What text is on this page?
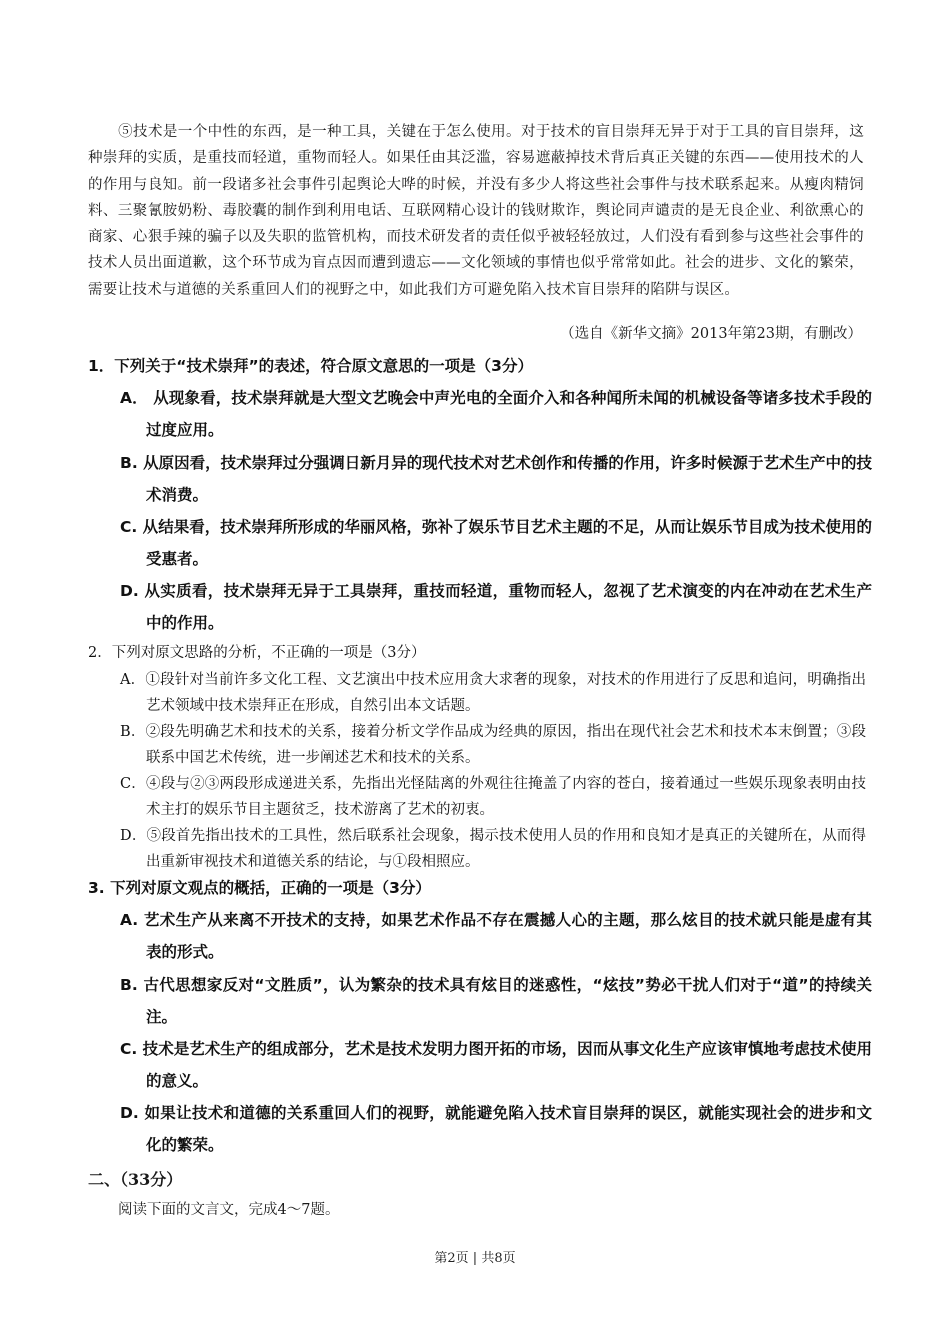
⑤技术是一个中性的东西，是一种工具，关键在于怎么使用。对于技术的盲目崇拜无异于对于工具的盲目崇拜，这种崇拜的实质，是重技而轻道，重物而轻人。如果任由其泛滥，容易遮蔽掉技术背后真正关键的东西——使用技术的人的作用与良知。前一段诸多社会事件引起舆论大哗的时候，并没有多少人将这些社会事件与技术联系起来。从瘦肉精饲料、三聚氰胺奶粉、毒胶囊的制作到利用电话、互联网精心设计的钱财欺诈，舆论同声谴责的是无良企业、利欲熏心的商家、心狠手辣的骗子以及失职的监管机构，而技术研发者的责任似乎被轻轻放过，人们没有看到参与这些社会事件的技术人员出面道歉，这个环节成为盲点因而遭到遗忘——文化领域的事情也似乎常常如此。社会的进步、文化的繁荣，需要让技术与道德的关系重回人们的视野之中，如此我们方可避免陷入技术盲目崇拜的陷阱与误区。
（选自《新华文摘》2013年第23期，有删改）
1．下列关于“技术崇拜”的表述，符合原文意思的一项是（3分）
A． 从现象看，技术崇拜就是大型文艺晚会中声光电的全面介入和各种闻所未闻的机械设备等诸多技术手段的过度应用。
B. 从原因看，技术崇拜过分强调日新月异的现代技术对艺术创作和传播的作用，许多时候源于艺术生产中的技术消费。
C. 从结果看，技术崇拜所形成的华丽风格，弥补了娱乐节目艺术主题的不足，从而让娱乐节目成为技术使用的受惠者。
D. 从实质看，技术崇拜无异于工具崇拜，重技而轻道，重物而轻人，忽视了艺术演变的内在冲动在艺术生产中的作用。
2．下列对原文思路的分析，不正确的一项是（3分）
A．①段针对当前许多文化工程、文艺演出中技术应用贪大求奢的现象，对技术的作用进行了反思和追问，明确指出艺术领域中技术崇拜正在形成，自然引出本文话题。
B．②段先明确艺术和技术的关系，接着分析文学作品成为经典的原因，指出在现代社会艺术和技术本末倒置；③段联系中国艺术传统，进一步阐述艺术和技术的关系。
C．④段与②③两段形成递进关系，先指出光怪陆离的外观往往掩盖了内容的苍白，接着通过一些娱乐现象表明由技术主打的娱乐节目主题贫乏，技术游离了艺术的初衷。
D．⑤段首先指出技术的工具性，然后联系社会现象，揭示技术使用人员的作用和良知才是真正的关键所在，从而得出重新审视技术和道德关系的结论，与①段相照应。
3. 下列对原文观点的概括，正确的一项是（3分）
A. 艺术生产从来离不开技术的支持，如果艺术作品不存在震撼人心的主题，那么炫目的技术就只能是虚有其表的形式。
B. 古代思想家反对“文胜质”，认为繁杂的技术具有炫目的迷惑性，“炫技”势必干扰人们对于“道”的持续关注。
C. 技术是艺术生产的组成部分，艺术是技术发明力图开拓的市场，因而从事文化生产应该审慎地考虑技术使用的意义。
D. 如果让技术和道德的关系重回人们的视野，就能避免陷入技术盲目崇拜的误区，就能实现社会的进步和文化的繁荣。
二、（33分）
阅读下面的文言文，完成4～7题。
第2页 | 共8页
